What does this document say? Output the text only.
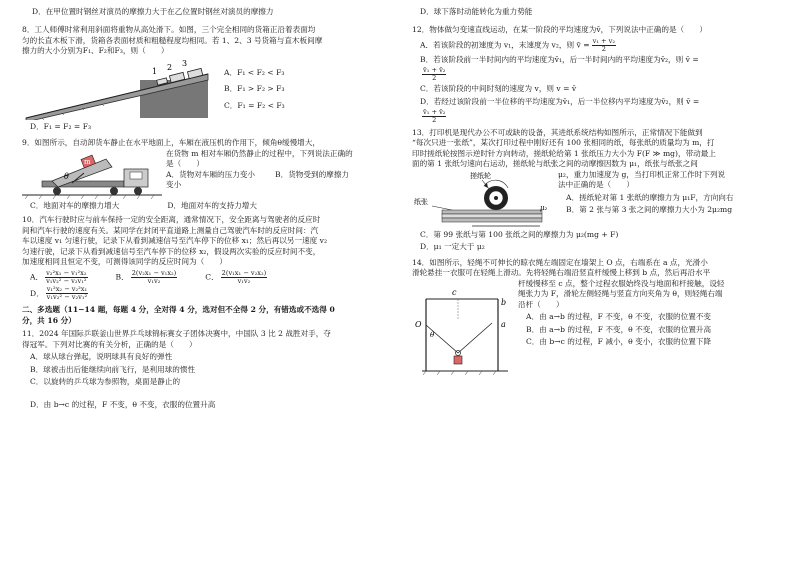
D．在甲位置时钢丝对演员的摩擦力大于在乙位置时钢丝对演员的摩擦力

8．工人师傅时常利用斜面将重物从高处滑下。如图，三个完全相同的货箱正沿着表面均

匀的长直木板下滑，货箱各表面材质和粗糙程度均相同。若 1、2、3 号货箱与直木板间摩

擦力的大小分别为F₁、F₂和F₃，则（　　）

1 2 3

A．F₁ < F₂ < F₃

B．F₁ > F₂ > F₃

C．F₁ = F₂ < F₃

D．F₁ = F₂ = F₃

9．如图所示，自动卸货车静止在水平地面上，车厢在液压机的作用下，倾角θ缓慢增大，

m
θ

在货物 m 相对车厢仍然静止的过程中，下列说法正确的

是（　　）

A．货物对车厢的压力变小	B．货物受到的摩擦力

变小

C．地面对车的摩擦力增大	D．地面对车的支持力增大

10．汽车行驶时应与前车保持一定的安全距离，通常情况下，安全距离与驾驶者的反应时

间和汽车行驶的速度有关。某同学在封闭平直道路上测量自己驾驶汽车时的反应时间：汽

车以速度 v₁ 匀速行驶，记录下从看到减速信号至汽车停下的位移 x₁；然后再以另一速度 v₂

匀速行驶，记录下从看到减速信号至汽车停下的位移 x₂，假设两次实验的反应时间不变，

加速度相同且恒定不变，可测得该同学的反应时间为（　　）

A． $\frac{\text{v₂²x₁ − v₁²x₂}}{\text{v₁v₂² − v₂v₁²}}$	B． $\frac{\text{2(v₂x₁ − v₁x₂)}}{\text{v₁v₂}}$	C． $\frac{\text{2(v₁x₁ − v₂x₂)}}{\text{v₁v₂}}$
D． $\frac{\text{v₁²x₂ − v₂²x₁}}{\text{v₁v₂² − v₂v₁²}}$

二、多选题（11−14 题，每题 4 分，全对得 4 分，选对但不全得 2 分，有错选或不选得 0

分，共 16 分）

11．2024 年国际乒联釜山世界乒乓球锦标赛女子团体决赛中，中国队 3 比 2 战胜对手，夺

得冠军。下列对比赛的有关分析，正确的是（　　）

A．球从球台弹起，说明球具有良好的弹性

B．球被击出后能继续向前飞行，是利用球的惯性

C．以旋转的乒乓球为参照物，桌面是静止的

D．由 b→c 的过程，F 不变，θ 不变，衣服的位置升高

D．球下落时动能转化为重力势能

12．物体做匀变速直线运动，在某一阶段的平均速度为v̄，下列说法中正确的是（　　）

A．若该阶段的初速度为 v₁，末速度为 v₂，则 v̄ = $\frac{\text{v₁ + v₂}}{2}$

B．若该阶段前一半时间内的平均速度为v̄₁，后一半时间内的平均速度为v̄₂，则 v̄ =

$\frac{\text{v̄₁ + v̄₂}}{2}$

C．若该阶段的中间时刻的速度为 v，则 v = v̄

D．若经过该阶段前一半位移的平均速度为v̄₁，后一半位移内平均速度为v̄₂，则 v̄ =

$\frac{\text{v̄₁ + v̄₂}}{2}$

13．打印机是现代办公不可或缺的设备，其进纸系统结构如图所示，正常情况下能做到

“每次只进一张纸”，某次打印过程中刚好还有 100 张相同的纸，每张纸的质量均为 m，打

印时搓纸轮按图示逆时针方向转动，搓纸轮给第 1 张纸压力大小为 F(F ≫ mg)，带动最上

面的第 1 张纸匀速向右运动，搓纸轮与纸张之间的动摩擦因数为 μ₁，纸张与纸张之间

搓纸轮
纸张
μ₂

μ₂，重力加速度为 g，当打印机正常工作时下列说

法中正确的是（　　）

A．搓纸轮对第 1 张纸的摩擦力为 μ₁F，方向向右

B．第 2 张与第 3 张之间的摩擦力大小为 2μ₂mg

C．第 99 张纸与第 100 张纸之间的摩擦力为 μ₂(mg + F)

D．μ₁ 一定大于 μ₂

14．如图所示，轻绳不可伸长的晾衣绳左端固定在墙架上 O 点，右端系在 a 点，光滑小

滑轮悬挂一衣服可在轻绳上滑动。先将轻绳右端沿竖直杆缓慢上移到 b 点，然后再沿水平

O
θ
c
b
a

杆缓慢移至 c 点，整个过程衣服始终没与地面和杆接触，设轻

绳张力为 F，滑轮左侧轻绳与竖直方向夹角为 θ，则轻绳右端

沿杆（　　）

A．由 a→b 的过程，F 不变，θ 不变，衣服的位置不变

B．由 a→b 的过程，F 不变，θ 不变，衣服的位置升高

C．由 b→c 的过程，F 减小，θ 变小，衣服的位置下降
